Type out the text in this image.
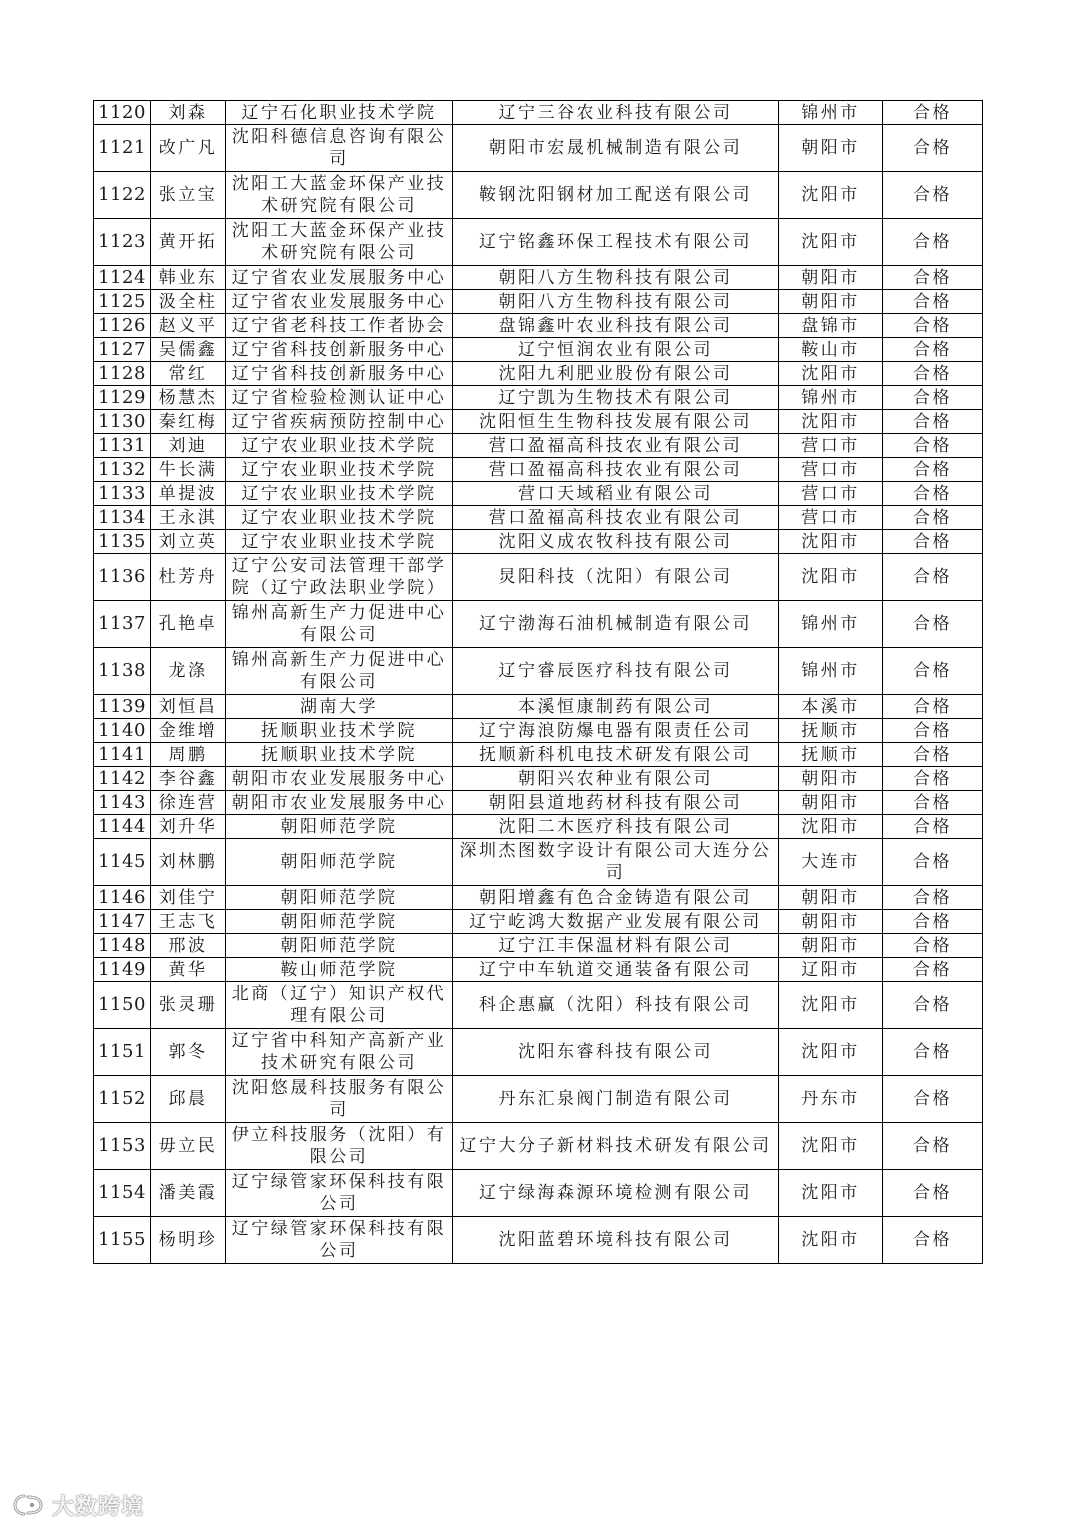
1120	刘森	辽宁石化职业技术学院	辽宁三谷农业科技有限公司	锦州市	合格
1121	改广凡	沈阳科德信息咨询有限公司	朝阳市宏晟机械制造有限公司	朝阳市	合格
1122	张立宝	沈阳工大蓝金环保产业技术研究院有限公司	鞍钢沈阳钢材加工配送有限公司	沈阳市	合格
1123	黄开拓	沈阳工大蓝金环保产业技术研究院有限公司	辽宁铭鑫环保工程技术有限公司	沈阳市	合格
1124	韩业东	辽宁省农业发展服务中心	朝阳八方生物科技有限公司	朝阳市	合格
1125	汲全柱	辽宁省农业发展服务中心	朝阳八方生物科技有限公司	朝阳市	合格
1126	赵义平	辽宁省老科技工作者协会	盘锦鑫叶农业科技有限公司	盘锦市	合格
1127	吴儒鑫	辽宁省科技创新服务中心	辽宁恒润农业有限公司	鞍山市	合格
1128	常红	辽宁省科技创新服务中心	沈阳九利肥业股份有限公司	沈阳市	合格
1129	杨慧杰	辽宁省检验检测认证中心	辽宁凯为生物技术有限公司	锦州市	合格
1130	秦红梅	辽宁省疾病预防控制中心	沈阳恒生生物科技发展有限公司	沈阳市	合格
1131	刘迪	辽宁农业职业技术学院	营口盈福高科技农业有限公司	营口市	合格
1132	牛长满	辽宁农业职业技术学院	营口盈福高科技农业有限公司	营口市	合格
1133	单提波	辽宁农业职业技术学院	营口天域稻业有限公司	营口市	合格
1134	王永淇	辽宁农业职业技术学院	营口盈福高科技农业有限公司	营口市	合格
1135	刘立英	辽宁农业职业技术学院	沈阳义成农牧科技有限公司	沈阳市	合格
1136	杜芳舟	辽宁公安司法管理干部学院（辽宁政法职业学院）	炅阳科技（沈阳）有限公司	沈阳市	合格
1137	孔艳卓	锦州高新生产力促进中心有限公司	辽宁渤海石油机械制造有限公司	锦州市	合格
1138	龙涤	锦州高新生产力促进中心有限公司	辽宁睿辰医疗科技有限公司	锦州市	合格
1139	刘恒昌	湖南大学	本溪恒康制药有限公司	本溪市	合格
1140	金维增	抚顺职业技术学院	辽宁海浪防爆电器有限责任公司	抚顺市	合格
1141	周鹏	抚顺职业技术学院	抚顺新科机电技术研发有限公司	抚顺市	合格
1142	李谷鑫	朝阳市农业发展服务中心	朝阳兴农种业有限公司	朝阳市	合格
1143	徐连营	朝阳市农业发展服务中心	朝阳县道地药材科技有限公司	朝阳市	合格
1144	刘升华	朝阳师范学院	沈阳二木医疗科技有限公司	沈阳市	合格
1145	刘林鹏	朝阳师范学院	深圳杰图数字设计有限公司大连分公司	大连市	合格
1146	刘佳宁	朝阳师范学院	朝阳增鑫有色合金铸造有限公司	朝阳市	合格
1147	王志飞	朝阳师范学院	辽宁屹鸿大数据产业发展有限公司	朝阳市	合格
1148	邢波	朝阳师范学院	辽宁江丰保温材料有限公司	朝阳市	合格
1149	黄华	鞍山师范学院	辽宁中车轨道交通装备有限公司	辽阳市	合格
1150	张灵珊	北商（辽宁）知识产权代理有限公司	科企惠赢（沈阳）科技有限公司	沈阳市	合格
1151	郭冬	辽宁省中科知产高新产业技术研究有限公司	沈阳东睿科技有限公司	沈阳市	合格
1152	邱晨	沈阳悠晟科技服务有限公司	丹东汇泉阀门制造有限公司	丹东市	合格
1153	毋立民	伊立科技服务（沈阳）有限公司	辽宁大分子新材料技术研发有限公司	沈阳市	合格
1154	潘美霞	辽宁绿管家环保科技有限公司	辽宁绿海森源环境检测有限公司	沈阳市	合格
1155	杨明珍	辽宁绿管家环保科技有限公司	沈阳蓝碧环境科技有限公司	沈阳市	合格
大数跨境
